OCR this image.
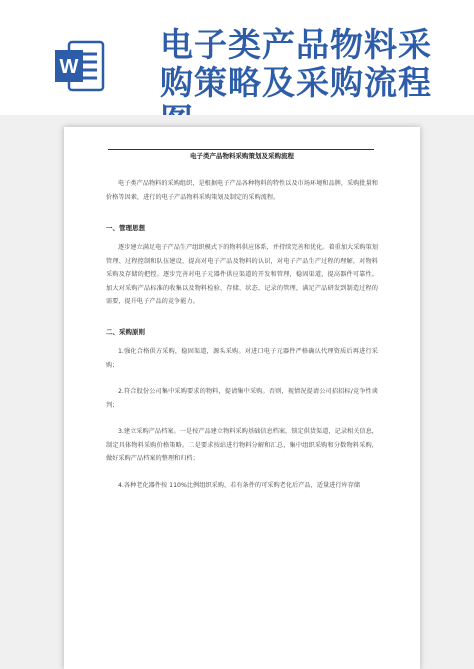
W
电子类产品物料采购策略及采购流程
电子类产品物料采购策划及采购流程
电子类产品物料的采购组织，是根据电子产品各种物料的特性以及市场环境和品牌，采购批量和价格等因素，进行的电子产品物料采购策划及制定的采购流程。
一、管理思想
逐步建立满足电子产品生产组织模式下的物料供应体系，并持续完善和优化。着重加大采购策划管理、过程控制和队伍建设，提高对电子产品及物料的认识，对电子产品生产过程的理解，对物料采购及存储的把控。逐步完善对电子元器件供应渠道的开发和管理，稳固渠道，提高器件可靠性。加大对采购产品标准的收集以及物料检验、存储、状态、记录的管理，满足产品研发到制造过程的需要，提升电子产品的竞争能力。
二、采购原则
1.强化合格供方采购，稳固渠道，源头采购。对进口电子元器件严格确认代理资质后再进行采购；
2.符合股份公司集中采购要求的物料，提请集中采购。否则，视情况提请公司招招标/竞争性谈判；
3.建立采购产品档案。一是按产品建立物料采购基础信息档案，锁定供货渠道，记录相关信息，制定具体物料采购价格策略。二是要求按站进行物料分解和汇总，集中组织采购和分数物料采购，做好采购产品档案的整理和归档；
4.各种老化器件按 110%比例组织采购，若有条件的可采购老化后产品，适量进行库存储
